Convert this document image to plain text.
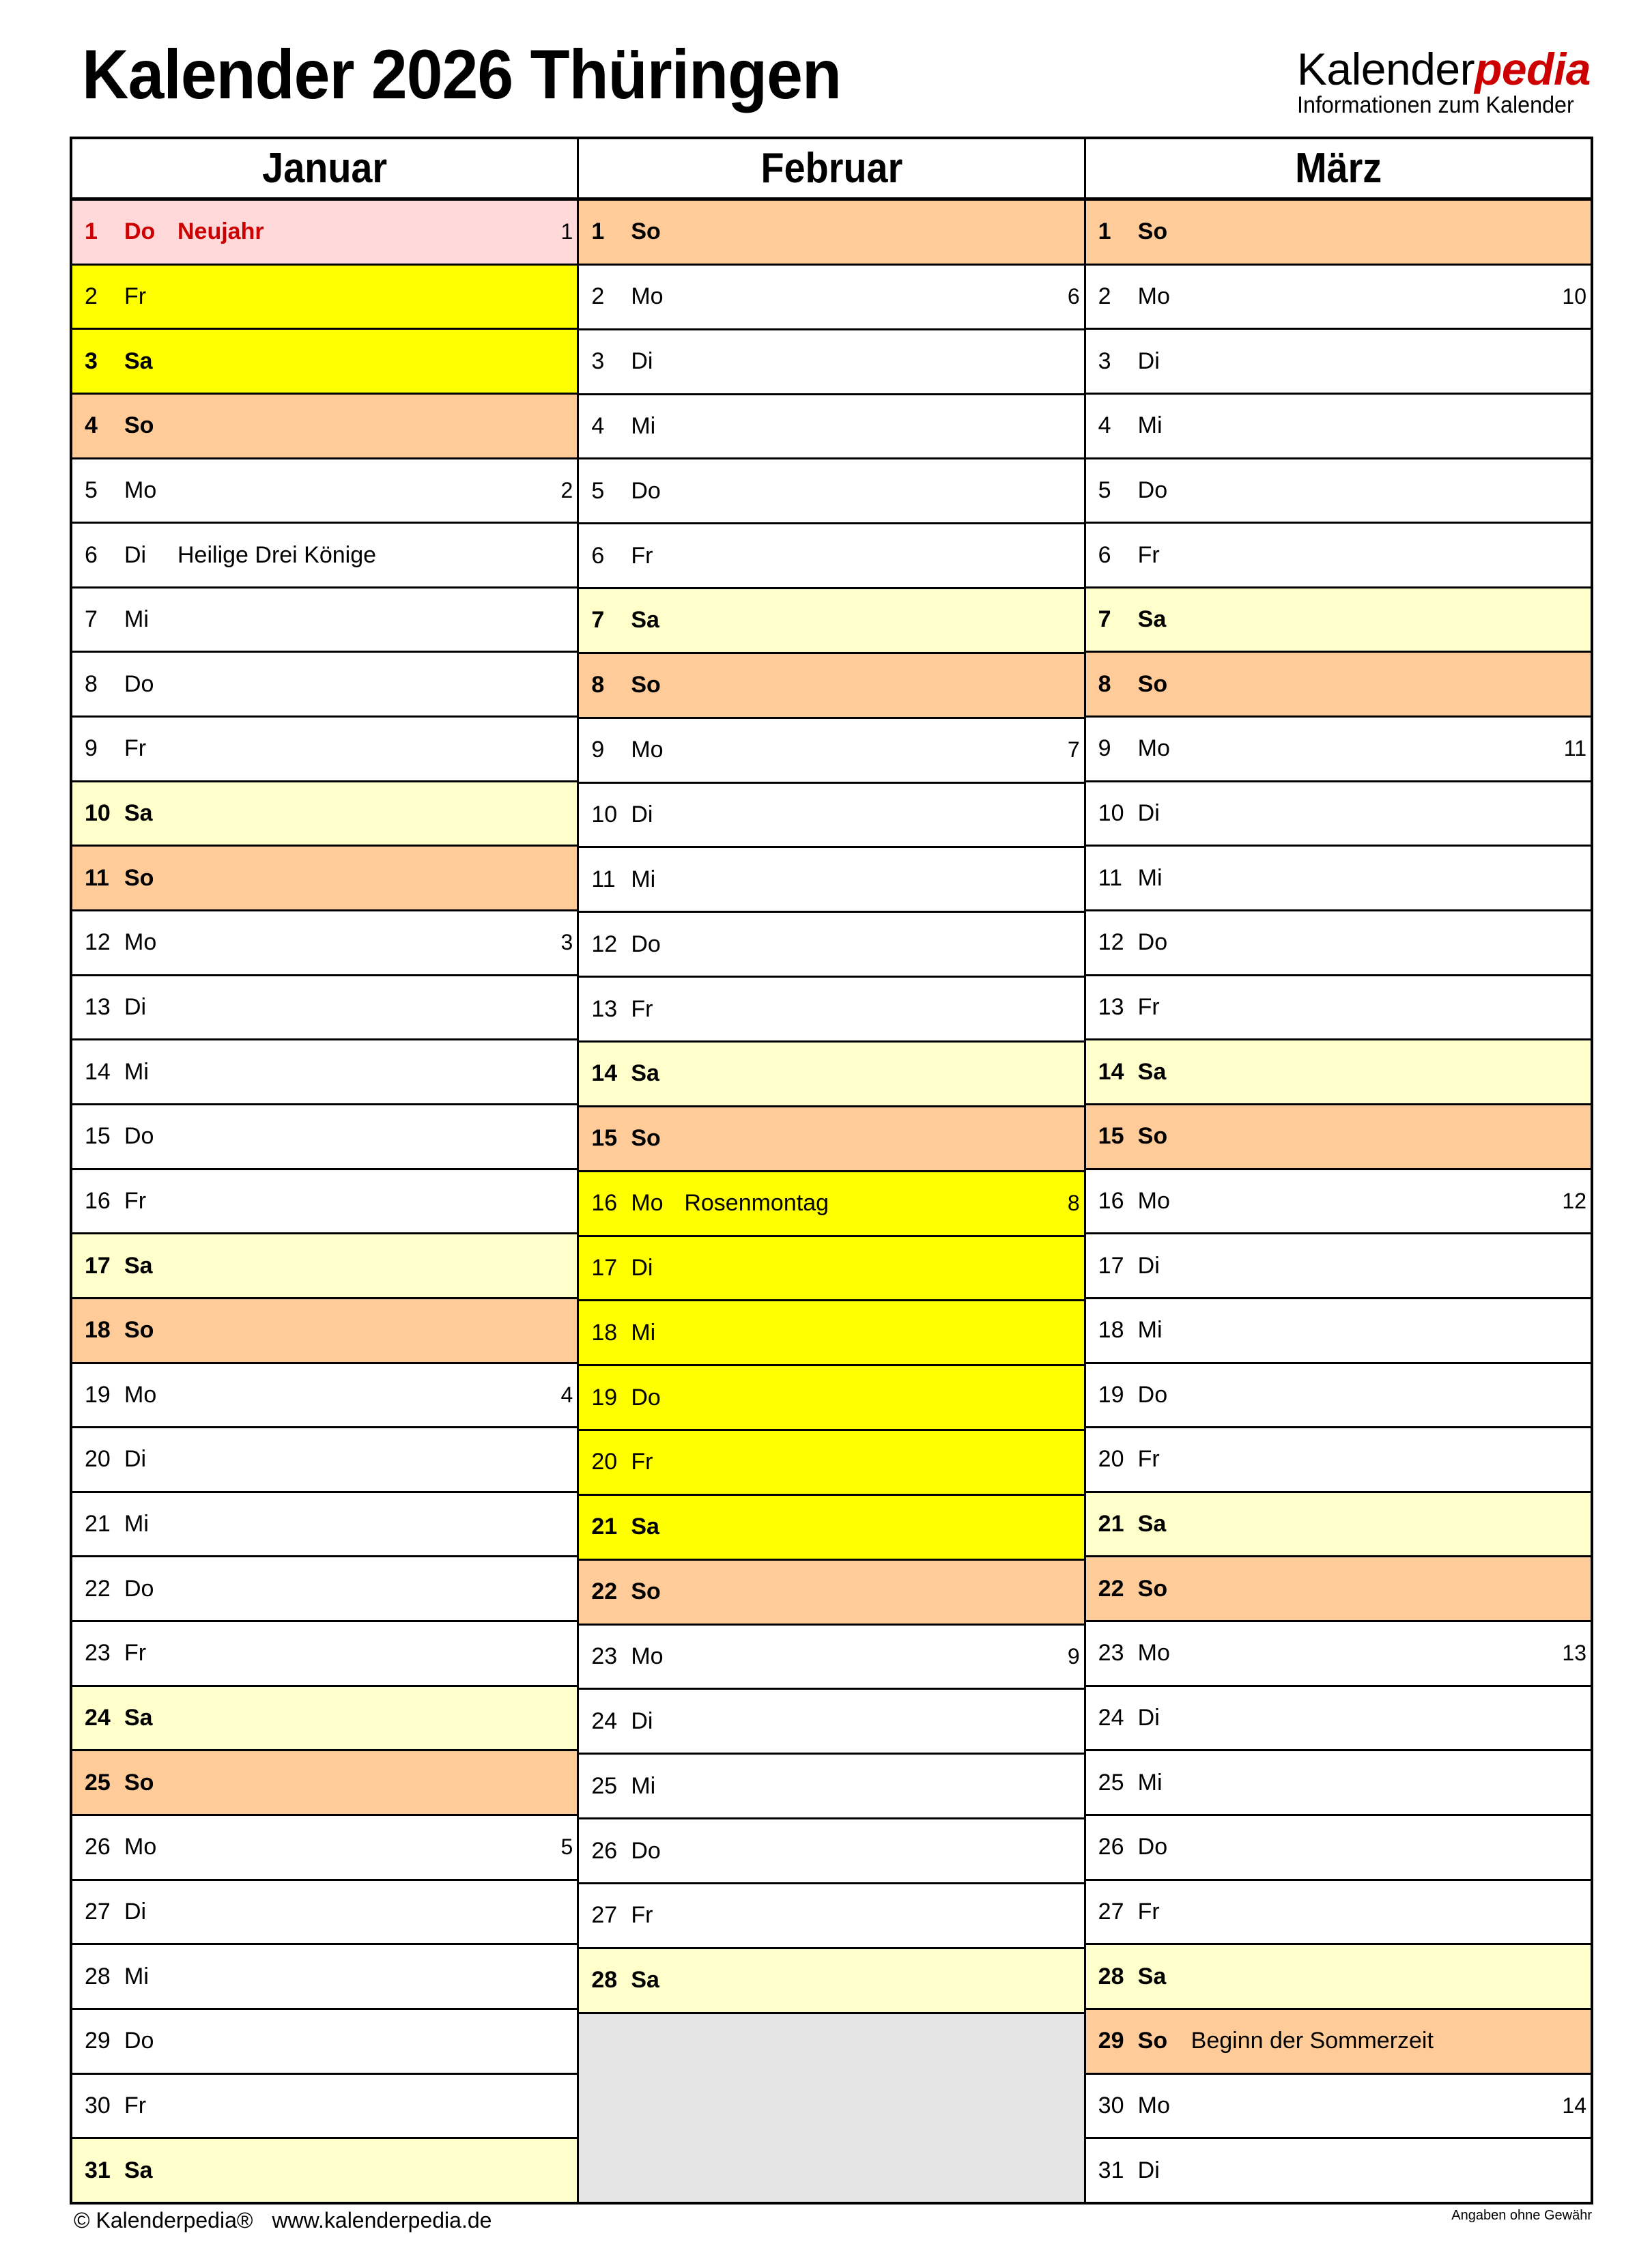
Kalender 2026 Thüringen	Kalenderpedia
Informationen zum Kalender
Januar
1	Do Neujahr	1
2	Fr
3	Sa
4	So
5	Mo	2
6	Di	Heilige Drei Könige
7	Mi
8	Do
9	Fr
10 Sa
11 So
12 Mo	3
13 Di
14 Mi
15 Do
16 Fr
17 Sa
18 So
19 Mo	4
20 Di
21 Mi
22 Do
23 Fr
24 Sa
25 So
26 Mo	5
27 Di
28 Mi
29 Do
30 Fr
31 Sa
Februar
1	So
2	Mo	6
3	Di
4	Mi
5	Do
6	Fr
7	Sa
8	So
9	Mo	7
10 Di
11 Mi
12 Do
13 Fr
14 Sa
15 So
16 Mo Rosenmontag	8
17 Di
18 Mi
19 Do
20 Fr
21 Sa
22 So
23 Mo	9
24 Di
25 Mi
26 Do
27 Fr
28 Sa
März
1	So
2	Mo	10
3	Di
4	Mi
5	Do
6	Fr
7	Sa
8	So
9	Mo	11
10 Di
11 Mi
12 Do
13 Fr
14 Sa
15 So
16 Mo	12
17 Di
18 Mi
19 Do
20 Fr
21 Sa
22 So
23 Mo	13
24 Di
25 Mi
26 Do
27 Fr
28 Sa
29 So	Beginn der Sommerzeit
30 Mo	14
31 Di
© Kalenderpedia® www.kalenderpedia.de	Angaben ohne Gewähr
